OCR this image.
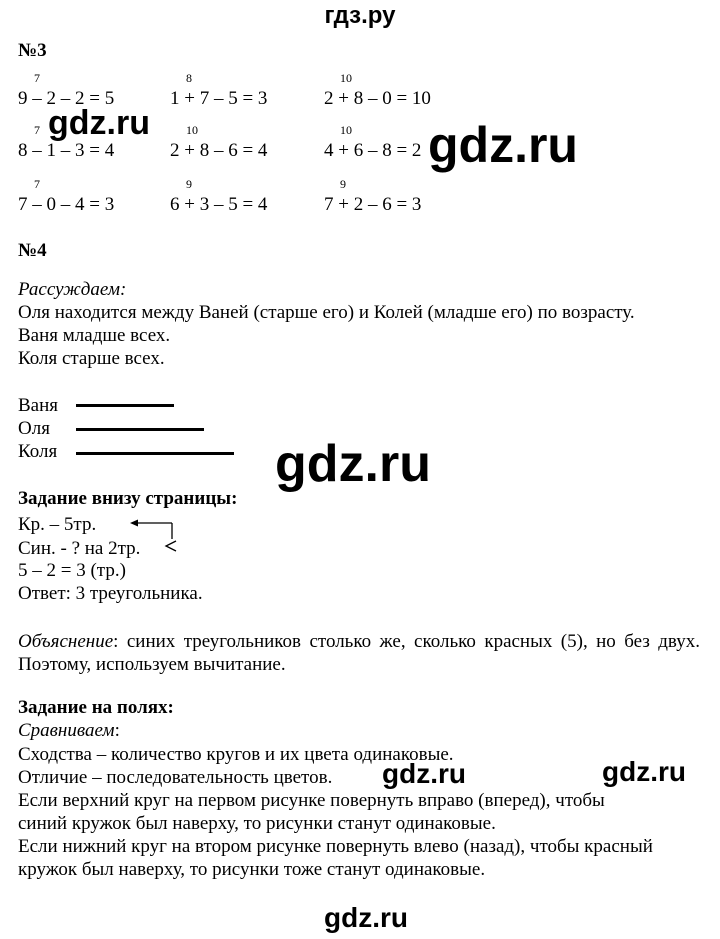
гдз.ру
№3
7
9 – 2 – 2 = 5
8
1 + 7 – 5 = 3
10
2 + 8 – 0 = 10
7
8 – 1 – 3 = 4
10
2 + 8 – 6 = 4
10
4 + 6 – 8 = 2
7
7 – 0 – 4 = 3
9
6 + 3 – 5 = 4
9
7 + 2 – 6 = 3
№4
Рассуждаем:
Оля находится между Ваней (старше его) и Колей (младше его) по возрасту.
Ваня младше всех.
Коля старше всех.
Ваня
Оля
Коля
Задание внизу страницы:
Кр. – 5тр.
Син. - ? на 2тр.
5 – 2 = 3 (тр.)
Ответ: 3 треугольника.
Объяснение: синих треугольников столько же, сколько красных (5), но без двух. Поэтому, используем вычитание.
Задание на полях:
Сравниваем:
Сходства – количество кругов и их цвета одинаковые.
Отличие – последовательность цветов.
Если верхний круг на первом рисунке повернуть вправо (вперед), чтобы
синий кружок был наверху, то рисунки станут одинаковые.
Если нижний круг на втором рисунке повернуть влево (назад), чтобы красный
кружок был наверху, то рисунки тоже станут одинаковые.
gdz.ru	gdz.ru
gdz.ru
gdz.ru	gdz.ru
gdz.ru
